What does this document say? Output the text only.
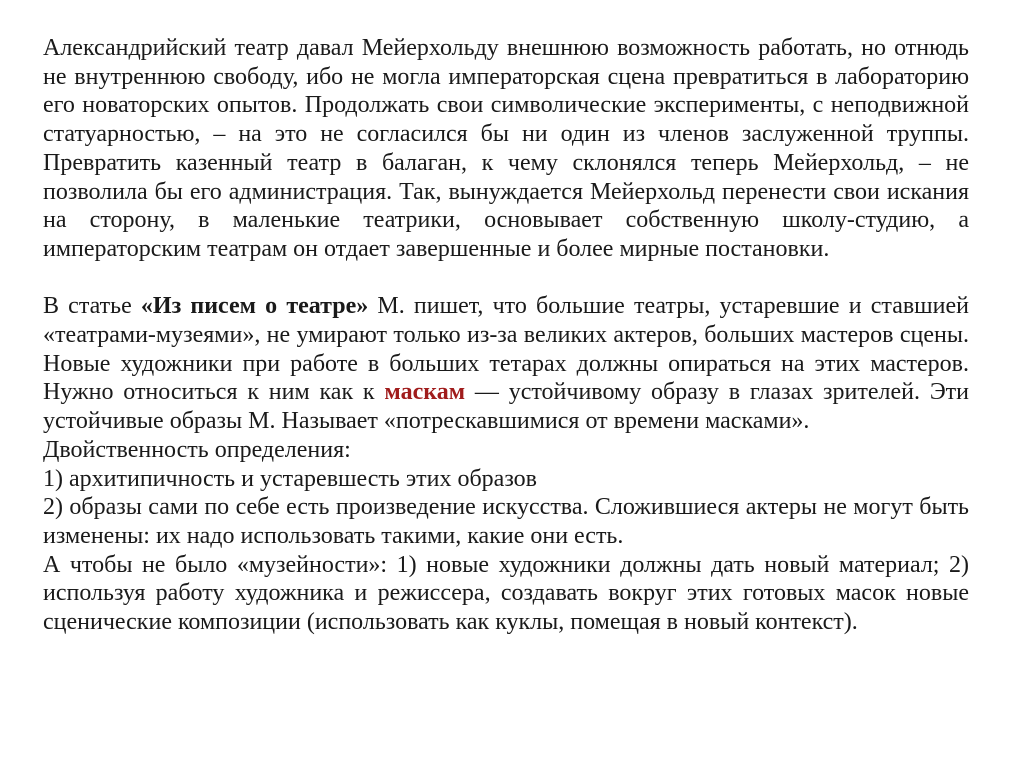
Александрийский театр давал Мейерхольду внешнюю возможность работать, но отнюдь не внутреннюю свободу, ибо не могла императорская сцена превратиться в лабораторию его новаторских опытов. Продолжать свои символические эксперименты, с неподвижной статуарностью, – на это не согласился бы ни один из членов заслуженной труппы. Превратить казенный театр в балаган, к чему склонялся теперь Мейерхольд, – не позволила бы его администрация. Так, вынуждается Мейерхольд перенести свои искания на сторону, в маленькие театрики, основывает собственную школу-студию, а императорским театрам он отдает завершенные и более мирные постановки.

В статье «Из писем о театре» М. пишет, что большие театры, устаревшие и ставшией «театрами-музеями», не умирают только из-за великих актеров, больших мастеров сцены. Новые художники при работе в больших тетарах должны опираться на этих мастеров. Нужно относиться к ним как к маскам — устойчивому образу в глазах зрителей. Эти устойчивые образы М. Называет «потрескавшимися от времени масками».

Двойственность определения:

1) архитипичность и устаревшесть этих образов

2) образы сами по себе есть произведение искусства. Сложившиеся актеры не могут быть изменены: их надо использовать такими, какие они есть.

А чтобы не было «музейности»: 1) новые художники должны дать новый материал; 2) используя работу художника и режиссера, создавать вокруг этих готовых масок новые сценические композиции (использовать как куклы, помещая в новый контекст).
